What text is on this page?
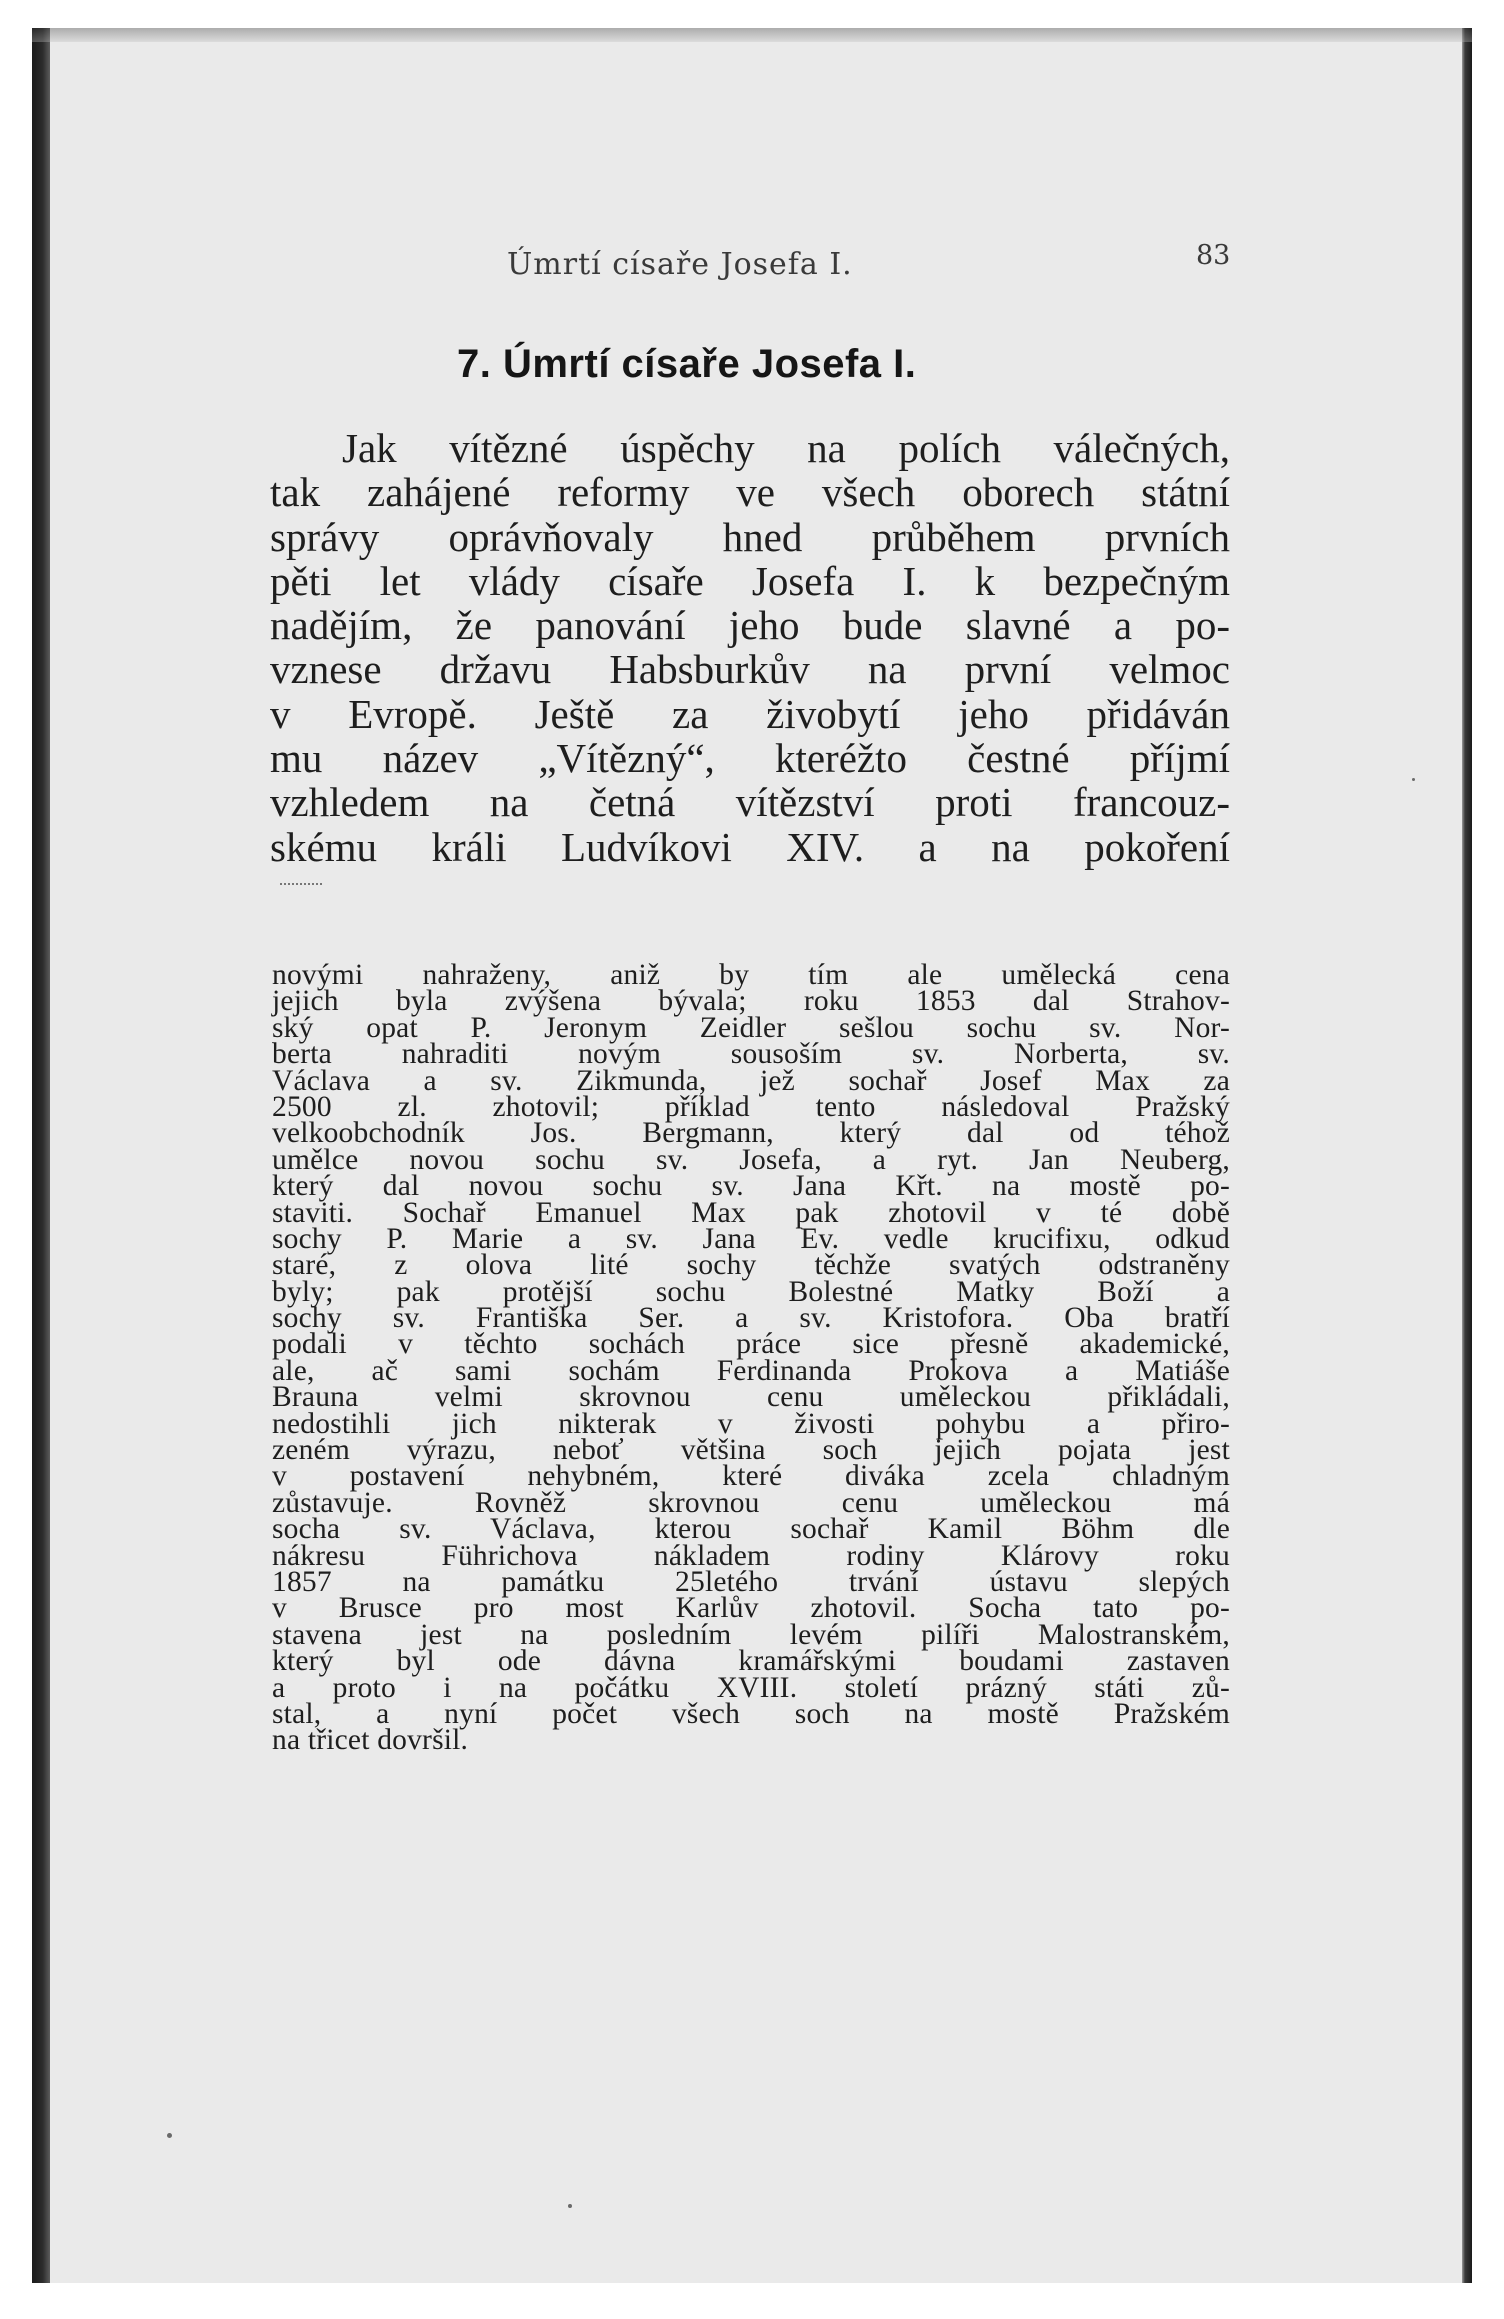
Úmrtí císaře Josefa I.	83
7. Úmrtí císaře Josefa I.
Jak vítězné úspěchy na polích válečných,
tak zahájené reformy ve všech oborech státní
správy oprávňovaly hned průběhem prvních
pěti let vlády císaře Josefa I. k bezpečným
nadějím, že panování jeho bude slavné a po-
vznese državu Habsburkův na první velmoc
v Evropě. Ještě za živobytí jeho přidáván
mu název „Vítězný“, kteréžto čestné příjmí
vzhledem na četná vítězství proti francouz-
skému králi Ludvíkovi XIV. a na pokoření
novými nahraženy, aniž by tím ale umělecká cena
jejich byla zvýšena bývala; roku 1853 dal Strahov-
ský opat P. Jeronym Zeidler sešlou sochu sv. Nor-
berta nahraditi novým sousoším sv. Norberta, sv.
Václava a sv. Zikmunda, jež sochař Josef Max za
2500 zl. zhotovil; příklad tento následoval Pražský
velkoobchodník Jos. Bergmann, který dal od téhož
umělce novou sochu sv. Josefa, a ryt. Jan Neuberg,
který dal novou sochu sv. Jana Křt. na mostě po-
staviti. Sochař Emanuel Max pak zhotovil v té době
sochy P. Marie a sv. Jana Ev. vedle krucifixu, odkud
staré, z olova lité sochy těchže svatých odstraněny
byly; pak protější sochu Bolestné Matky Boží a
sochy sv. Františka Ser. a sv. Kristofora. Oba bratří
podali v těchto sochách práce sice přesně akademické,
ale, ač sami sochám Ferdinanda Prokova a Matiáše
Brauna velmi skrovnou cenu uměleckou přikládali,
nedostihli jich nikterak v živosti pohybu a přiro-
zeném výrazu, neboť většina soch jejich pojata jest
v postavení nehybném, které diváka zcela chladným
zůstavuje. Rovněž skrovnou cenu uměleckou má
socha sv. Václava, kterou sochař Kamil Böhm dle
nákresu Führichova nákladem rodiny Klárovy roku
1857 na památku 25letého trvání ústavu slepých
v Brusce pro most Karlův zhotovil. Socha tato po-
stavena jest na posledním levém pilíři Malostranském,
který byl ode dávna kramářskými boudami zastaven
a proto i na počátku XVIII. století prázný státi zů-
stal, a nyní počet všech soch na mostě Pražském
na třicet dovršil.
